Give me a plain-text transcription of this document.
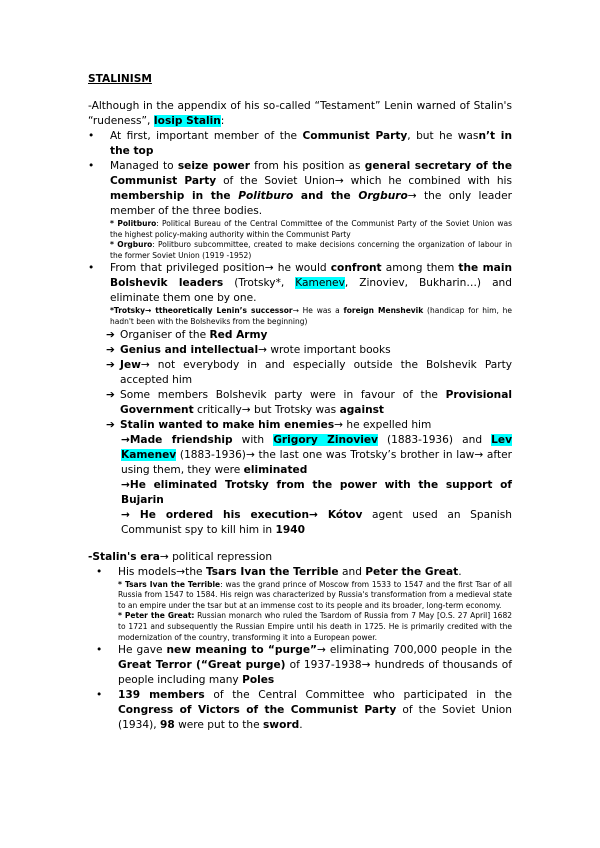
STALINISM
-Although in the appendix of his so-called “Testament” Lenin warned of Stalin's “rudeness”, Iosip Stalin:
• At first, important member of the Communist Party, but he wasn’t in the top
• Managed to seize power from his position as general secretary of the Communist Party of the Soviet Union→ which he combined with his membership in the Politburo and the Orgburo→ the only leader member of the three bodies.
* Politburo: Political Bureau of the Central Committee of the Communist Party of the Soviet Union was the highest policy-making authority within the Communist Party
* Orgburo: Politburo subcommittee, created to make decisions concerning the organization of labour in the former Soviet Union (1919 -1952)
• From that privileged position→ he would confront among them the main Bolshevik leaders (Trotsky*, Kamenev, Zinoviev, Bukharin…) and eliminate them one by one.
*Trotsky→ ttheoretically Lenin’s successor→ He was a foreign Menshevik (handicap for him, he hadn't been with the Bolsheviks from the beginning)
➔ Organiser of the Red Army
➔ Genius and intellectual→ wrote important books
➔ Jew→ not everybody in and especially outside the Bolshevik Party accepted him
➔ Some members Bolshevik party were in favour of the Provisional Government critically→ but Trotsky was against
➔ Stalin wanted to make him enemies→ he expelled him
→Made friendship with Grigory Zinoviev (1883-1936) and Lev Kamenev (1883-1936)→ the last one was Trotsky’s brother in law→ after using them, they were eliminated
→He eliminated Trotsky from the power with the support of Bujarin
→ He ordered his execution→ Kótov agent used an Spanish Communist spy to kill him in 1940
-Stalin's era→ political repression
• His models→the Tsars Ivan the Terrible and Peter the Great.
* Tsars Ivan the Terrible: was the grand prince of Moscow from 1533 to 1547 and the first Tsar of all Russia from 1547 to 1584. His reign was characterized by Russia's transformation from a medieval state to an empire under the tsar but at an immense cost to its people and its broader, long-term economy.
* Peter the Great: Russian monarch who ruled the Tsardom of Russia from 7 May [O.S. 27 April] 1682 to 1721 and subsequently the Russian Empire until his death in 1725. He is primarily credited with the modernization of the country, transforming it into a European power.
• He gave new meaning to “purge”→ eliminating 700,000 people in the Great Terror (“Great purge) of 1937-1938→ hundreds of thousands of people including many Poles
• 139 members of the Central Committee who participated in the Congress of Victors of the Communist Party of the Soviet Union (1934), 98 were put to the sword.
